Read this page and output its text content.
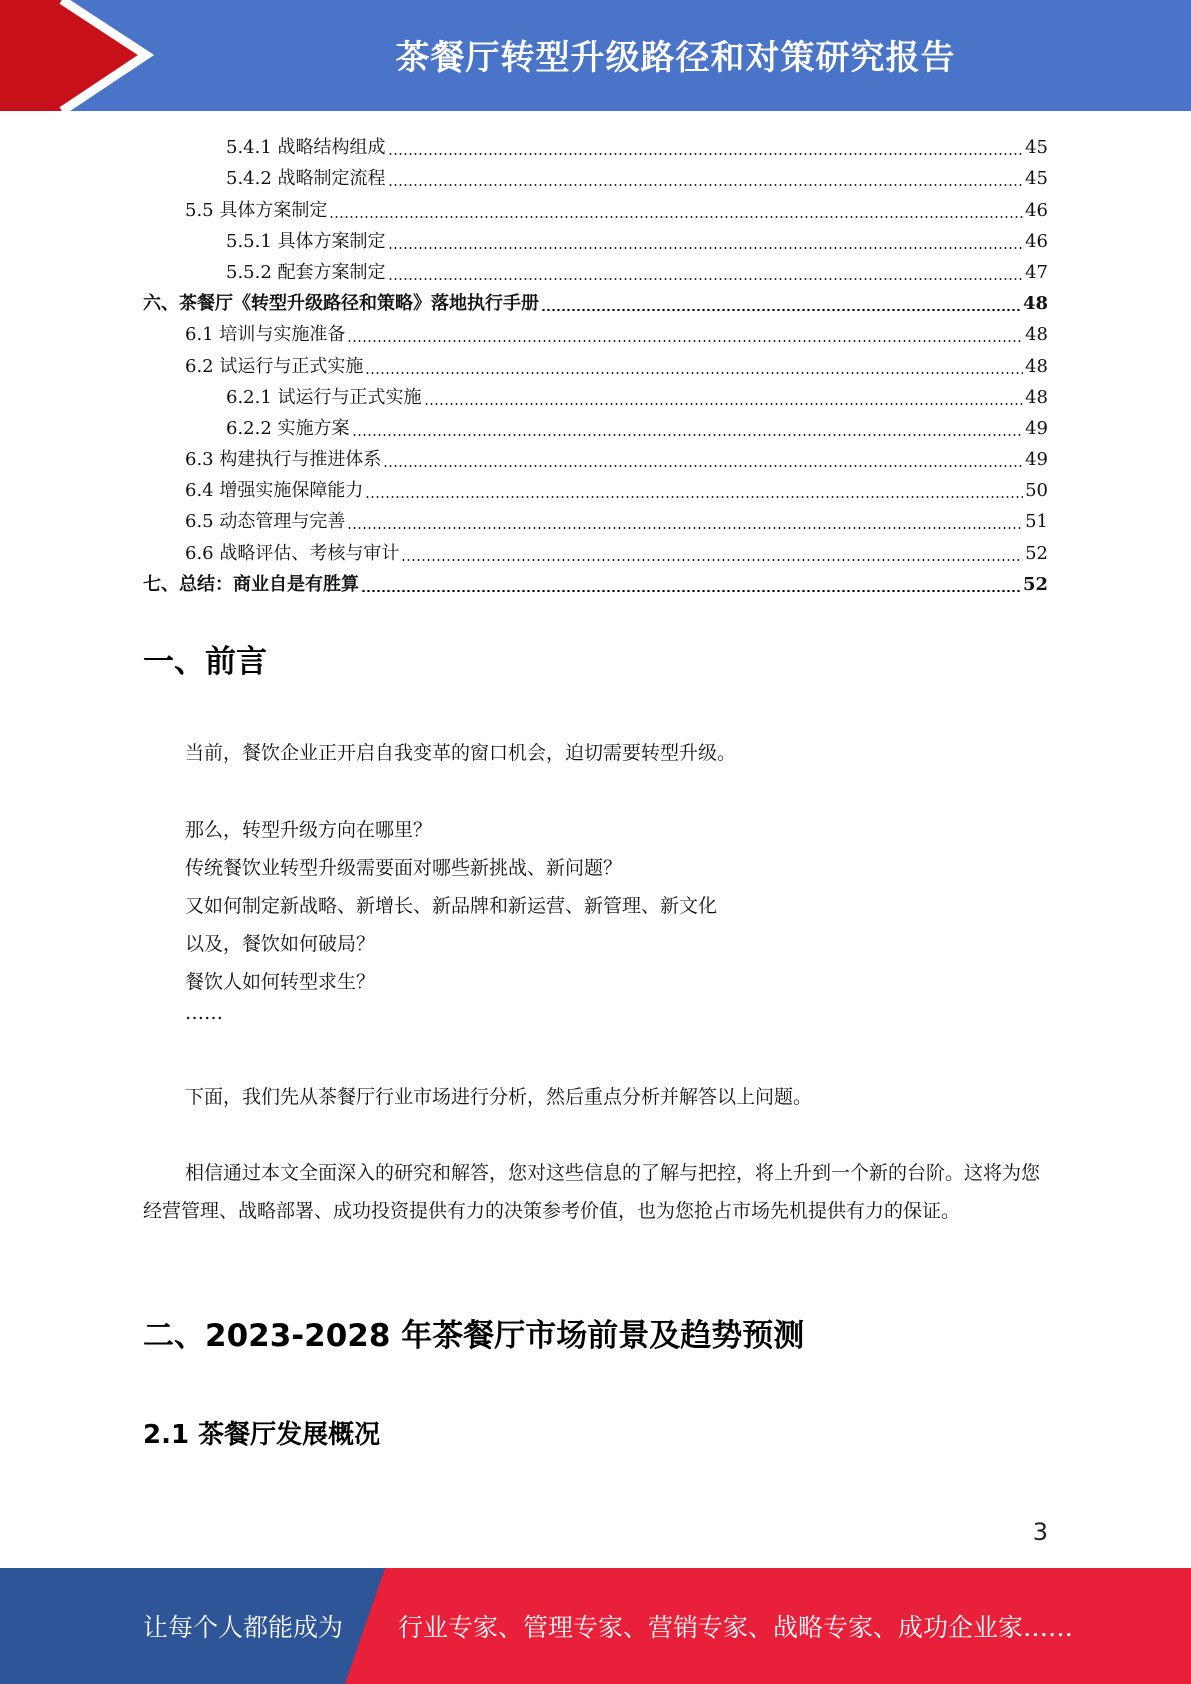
茶餐厅转型升级路径和对策研究报告
5.4.1 战略结构组成	45
5.4.2 战略制定流程	45
5.5 具体方案制定	46
5.5.1 具体方案制定	46
5.5.2 配套方案制定	47
六、茶餐厅《转型升级路径和策略》落地执行手册	48
6.1 培训与实施准备	48
6.2 试运行与正式实施	48
6.2.1 试运行与正式实施	48
6.2.2 实施方案	49
6.3 构建执行与推进体系	49
6.4 增强实施保障能力	50
6.5 动态管理与完善	51
6.6 战略评估、考核与审计	52
七、总结：商业自是有胜算	52
一、前言

当前，餐饮企业正开启自我变革的窗口机会，迫切需要转型升级。

那么，转型升级方向在哪里？

传统餐饮业转型升级需要面对哪些新挑战、新问题？

又如何制定新战略、新增长、新品牌和新运营、新管理、新文化

以及，餐饮如何破局？

餐饮人如何转型求生？

……

下面，我们先从茶餐厅行业市场进行分析，然后重点分析并解答以上问题。

相信通过本文全面深入的研究和解答，您对这些信息的了解与把控，将上升到一个新的台阶。这将为您经营管理、战略部署、成功投资提供有力的决策参考价值，也为您抢占市场先机提供有力的保证。

二、2023-2028 年茶餐厅市场前景及趋势预测
2.1 茶餐厅发展概况
3
让每个人都能成为 行业专家、管理专家、营销专家、战略专家、成功企业家……
